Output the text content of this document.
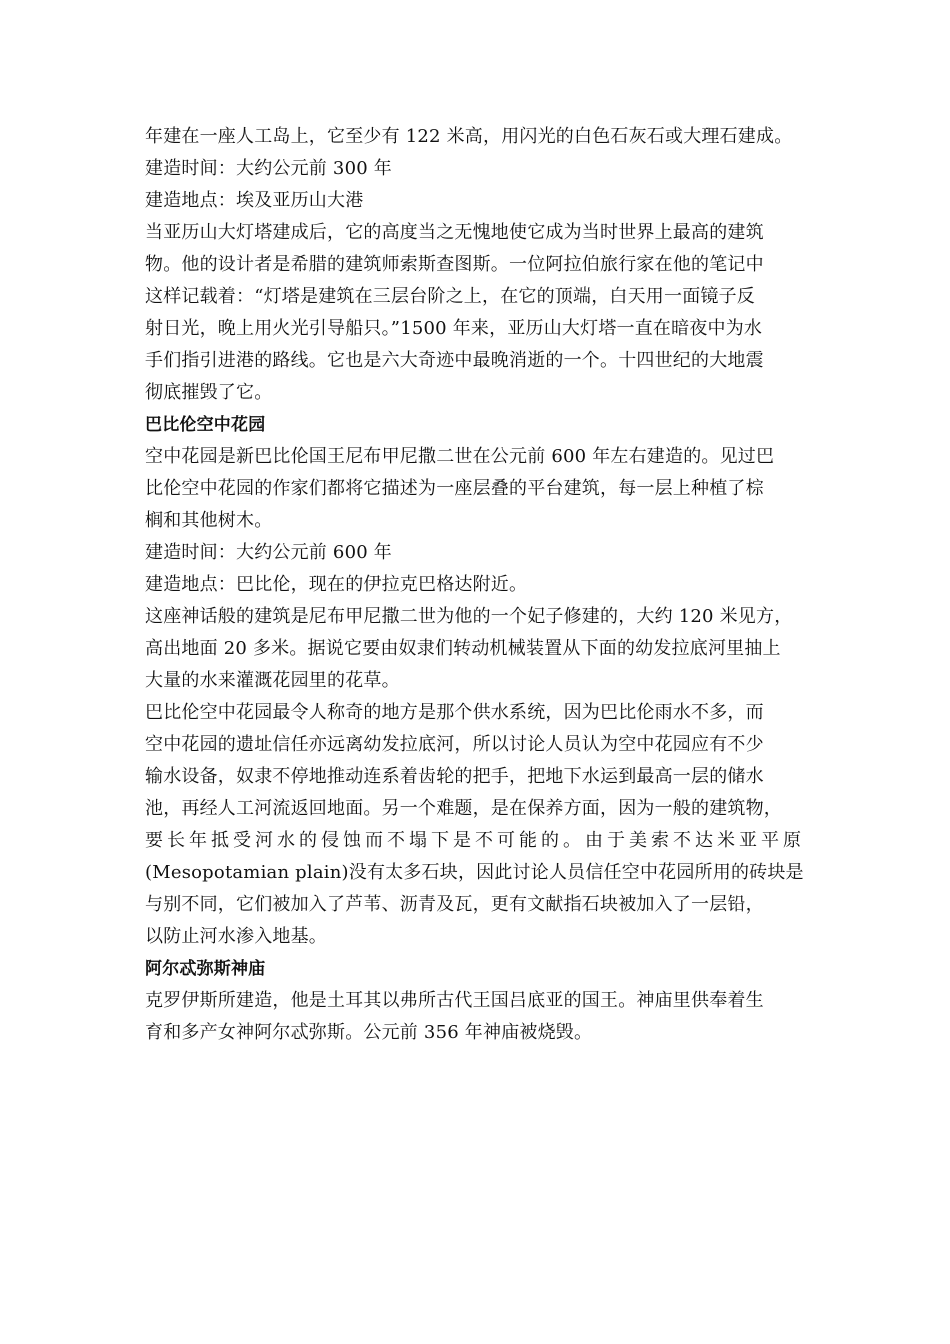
年建在一座人工岛上，它至少有 122 米高，用闪光的白色石灰石或大理石建成。
建造时间：大约公元前 300 年
建造地点：埃及亚历山大港
当亚历山大灯塔建成后，它的高度当之无愧地使它成为当时世界上最高的建筑
物。他的设计者是希腊的建筑师索斯查图斯。一位阿拉伯旅行家在他的笔记中
这样记载着：“灯塔是建筑在三层台阶之上，在它的顶端，白天用一面镜子反
射日光，晚上用火光引导船只。”1500 年来，亚历山大灯塔一直在暗夜中为水
手们指引进港的路线。它也是六大奇迹中最晚消逝的一个。十四世纪的大地震
彻底摧毁了它。
巴比伦空中花园
空中花园是新巴比伦国王尼布甲尼撒二世在公元前 600 年左右建造的。见过巴
比伦空中花园的作家们都将它描述为一座层叠的平台建筑，每一层上种植了棕
榈和其他树木。
建造时间：大约公元前 600 年
建造地点：巴比伦，现在的伊拉克巴格达附近。
这座神话般的建筑是尼布甲尼撒二世为他的一个妃子修建的，大约 120 米见方，
高出地面 20 多米。据说它要由奴隶们转动机械装置从下面的幼发拉底河里抽上
大量的水来灌溉花园里的花草。
巴比伦空中花园最令人称奇的地方是那个供水系统，因为巴比伦雨水不多，而
空中花园的遗址信任亦远离幼发拉底河，所以讨论人员认为空中花园应有不少
输水设备，奴隶不停地推动连系着齿轮的把手，把地下水运到最高一层的储水
池，再经人工河流返回地面。另一个难题，是在保养方面，因为一般的建筑物，
要长年抵受河水的侵蚀而不塌下是不可能的。由于美索不达米亚平原
(Mesopotamian plain)没有太多石块，因此讨论人员信任空中花园所用的砖块是
与别不同，它们被加入了芦苇、沥青及瓦，更有文献指石块被加入了一层铅，
以防止河水渗入地基。
阿尔忒弥斯神庙
克罗伊斯所建造，他是土耳其以弗所古代王国吕底亚的国王。神庙里供奉着生
育和多产女神阿尔忒弥斯。公元前 356 年神庙被烧毁。
